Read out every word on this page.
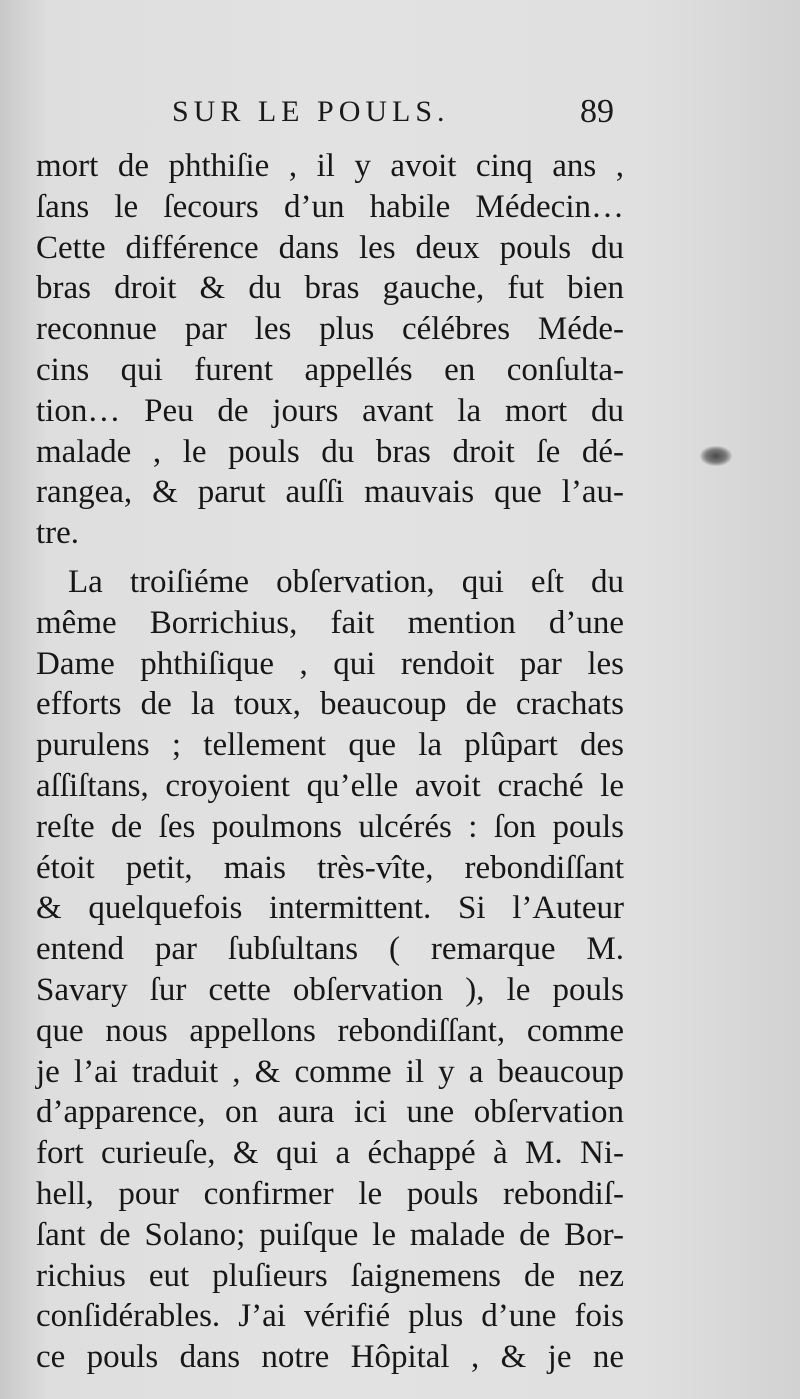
SUR LE POULS.	89
mort de phthiſie , il y avoit cinq ans ,
ſans le ſecours d’un habile Médecin…
Cette différence dans les deux pouls du
bras droit & du bras gauche, fut bien
reconnue par les plus célébres Méde-
cins qui furent appellés en conſulta-
tion… Peu de jours avant la mort du
malade , le pouls du bras droit ſe dé-
rangea, & parut auſſi mauvais que l’au-
tre.
La troiſiéme obſervation, qui eſt du
même Borrichius, fait mention d’une
Dame phthiſique , qui rendoit par les
efforts de la toux, beaucoup de crachats
purulens ; tellement que la plûpart des
aſſiſtans, croyoient qu’elle avoit craché le
reſte de ſes poulmons ulcérés : ſon pouls
étoit petit, mais très-vîte, rebondiſſant
& quelquefois intermittent. Si l’Auteur
entend par ſubſultans ( remarque M.
Savary ſur cette obſervation ), le pouls
que nous appellons rebondiſſant, comme
je l’ai traduit , & comme il y a beaucoup
d’apparence, on aura ici une obſervation
fort curieuſe, & qui a échappé à M. Ni-
hell, pour confirmer le pouls rebondiſ-
ſant de Solano; puiſque le malade de Bor-
richius eut pluſieurs ſaignemens de nez
conſidérables. J’ai vérifié plus d’une fois
ce pouls dans notre Hôpital , & je ne
